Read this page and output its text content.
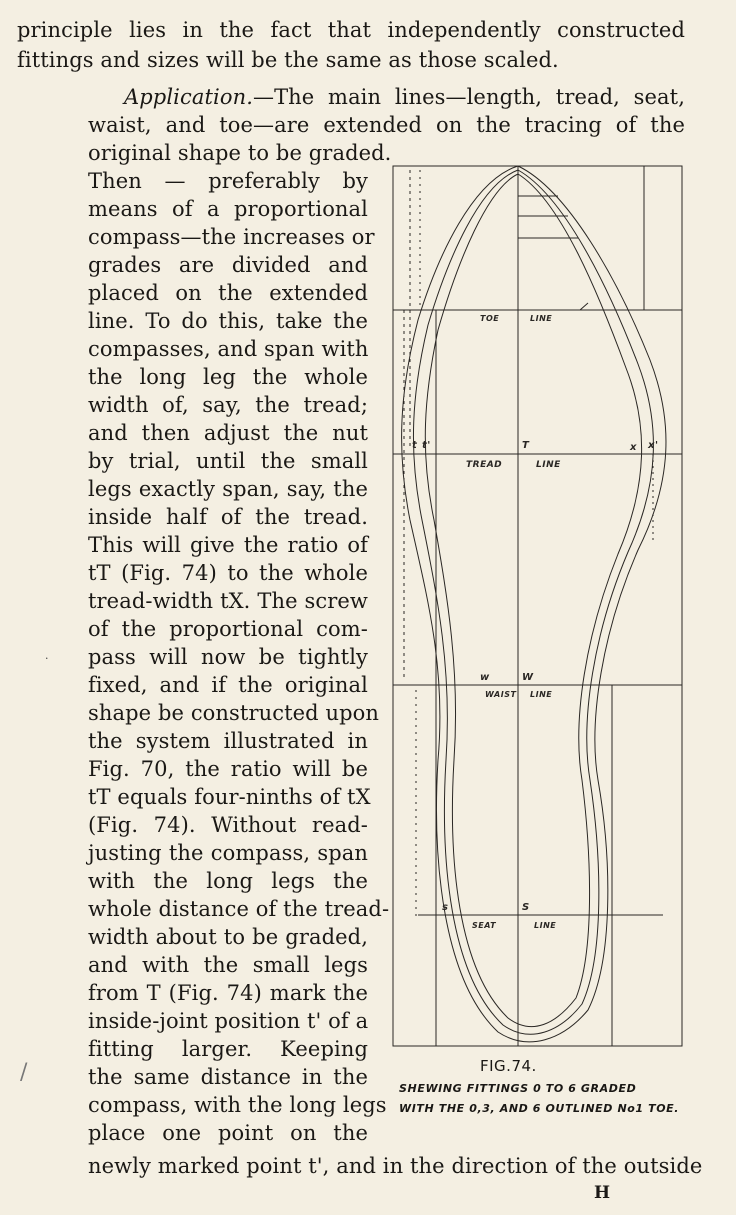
principle lies in the fact that independently constructed
fittings and sizes will be the same as those scaled.
Application.—The main lines—length, tread, seat,
waist, and toe—are extended on the tracing of the
original shape to be graded.
Then — preferably by
means of a proportional
compass—the increases or
grades are divided and
placed on the extended
line. To do this, take the
compasses, and span with
the long leg the whole
width of, say, the tread;
and then adjust the nut
by trial, until the small
legs exactly span, say, the
inside half of the tread.
This will give the ratio of
tT (Fig. 74) to the whole
tread-width tX. The screw
of the proportional com-
pass will now be tightly
fixed, and if the original
shape be constructed upon
the system illustrated in
Fig. 70, the ratio will be
tT equals four-ninths of tX
(Fig. 74). Without read-
justing the compass, span
with the long legs the
whole distance of the tread-
width about to be graded,
and with the small legs
from T (Fig. 74) mark the
inside-joint position t' of a
fitting larger. Keeping
the same distance in the
compass, with the long legs
place one point on the
newly marked point t', and in the direction of the outside
H
·
/
TOE	LINE
TREAD	LINE
WAIST LINE
SEAT	LINE
t t'	T	x x'
w	W
s	S
FIG.74.
SHEWING FITTINGS 0 TO 6 GRADED
WITH THE 0,3, AND 6 OUTLINED No1 TOE.
